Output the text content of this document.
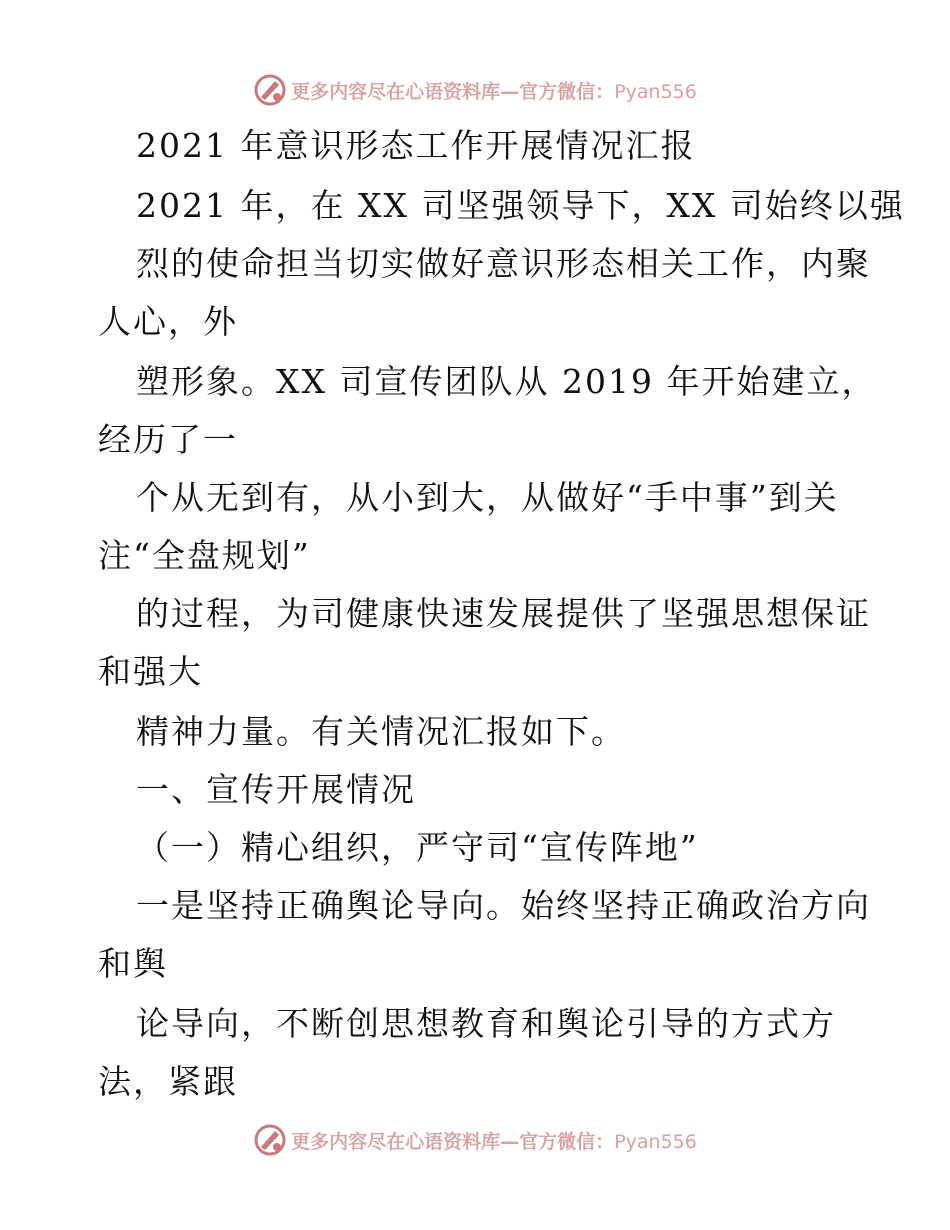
更多内容尽在心语资料库—官方微信：Pyan556
2021 年意识形态工作开展情况汇报
2021 年，在 XX 司坚强领导下，XX 司始终以强
烈的使命担当切实做好意识形态相关工作，内聚
人心，外
塑形象。XX 司宣传团队从 2019 年开始建立，
经历了一
个从无到有，从小到大，从做好“手中事”到关
注“全盘规划”
的过程，为司健康快速发展提供了坚强思想保证
和强大
精神力量。有关情况汇报如下。
一、宣传开展情况
（一）精心组织，严守司“宣传阵地”
一是坚持正确舆论导向。始终坚持正确政治方向
和舆
论导向，不断创思想教育和舆论引导的方式方
法，紧跟
更多内容尽在心语资料库—官方微信：Pyan556
